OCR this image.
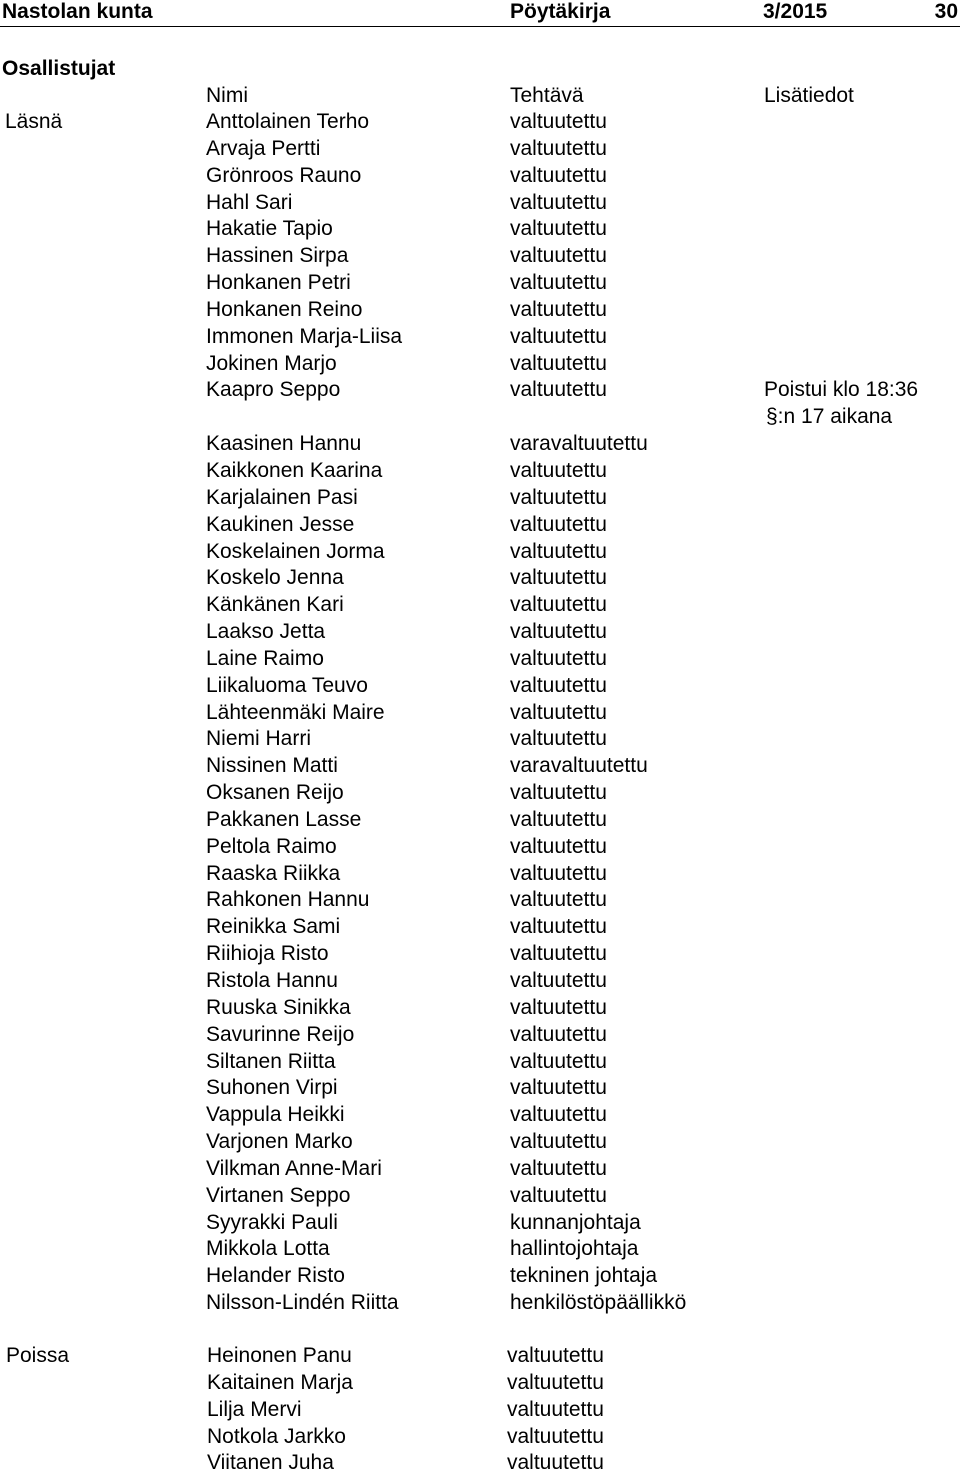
Nastolan kunta	Pöytäkirja	3/2015	30
Osallistujat
Nimi	Tehtävä	Lisätiedot
Läsnä	Anttolainen Terho	valtuutettu
Arvaja Pertti	valtuutettu
Grönroos Rauno	valtuutettu
Hahl Sari	valtuutettu
Hakatie Tapio	valtuutettu
Hassinen Sirpa	valtuutettu
Honkanen Petri	valtuutettu
Honkanen Reino	valtuutettu
Immonen Marja-Liisa	valtuutettu
Jokinen Marjo	valtuutettu
Kaapro Seppo	valtuutettu	Poistui klo 18:36
§:n 17 aikana
Kaasinen Hannu	varavaltuutettu
Kaikkonen Kaarina	valtuutettu
Karjalainen Pasi	valtuutettu
Kaukinen Jesse	valtuutettu
Koskelainen Jorma	valtuutettu
Koskelo Jenna	valtuutettu
Känkänen Kari	valtuutettu
Laakso Jetta	valtuutettu
Laine Raimo	valtuutettu
Liikaluoma Teuvo	valtuutettu
Lähteenmäki Maire	valtuutettu
Niemi Harri	valtuutettu
Nissinen Matti	varavaltuutettu
Oksanen Reijo	valtuutettu
Pakkanen Lasse	valtuutettu
Peltola Raimo	valtuutettu
Raaska Riikka	valtuutettu
Rahkonen Hannu	valtuutettu
Reinikka Sami	valtuutettu
Riihioja Risto	valtuutettu
Ristola Hannu	valtuutettu
Ruuska Sinikka	valtuutettu
Savurinne Reijo	valtuutettu
Siltanen Riitta	valtuutettu
Suhonen Virpi	valtuutettu
Vappula Heikki	valtuutettu
Varjonen Marko	valtuutettu
Vilkman Anne-Mari	valtuutettu
Virtanen Seppo	valtuutettu
Syyrakki Pauli	kunnanjohtaja
Mikkola Lotta	hallintojohtaja
Helander Risto	tekninen johtaja
Nilsson-Lindén Riitta	henkilöstöpäällikkö
Poissa	Heinonen Panu	valtuutettu
Kaitainen Marja	valtuutettu
Lilja Mervi	valtuutettu
Notkola Jarkko	valtuutettu
Viitanen Juha	valtuutettu
